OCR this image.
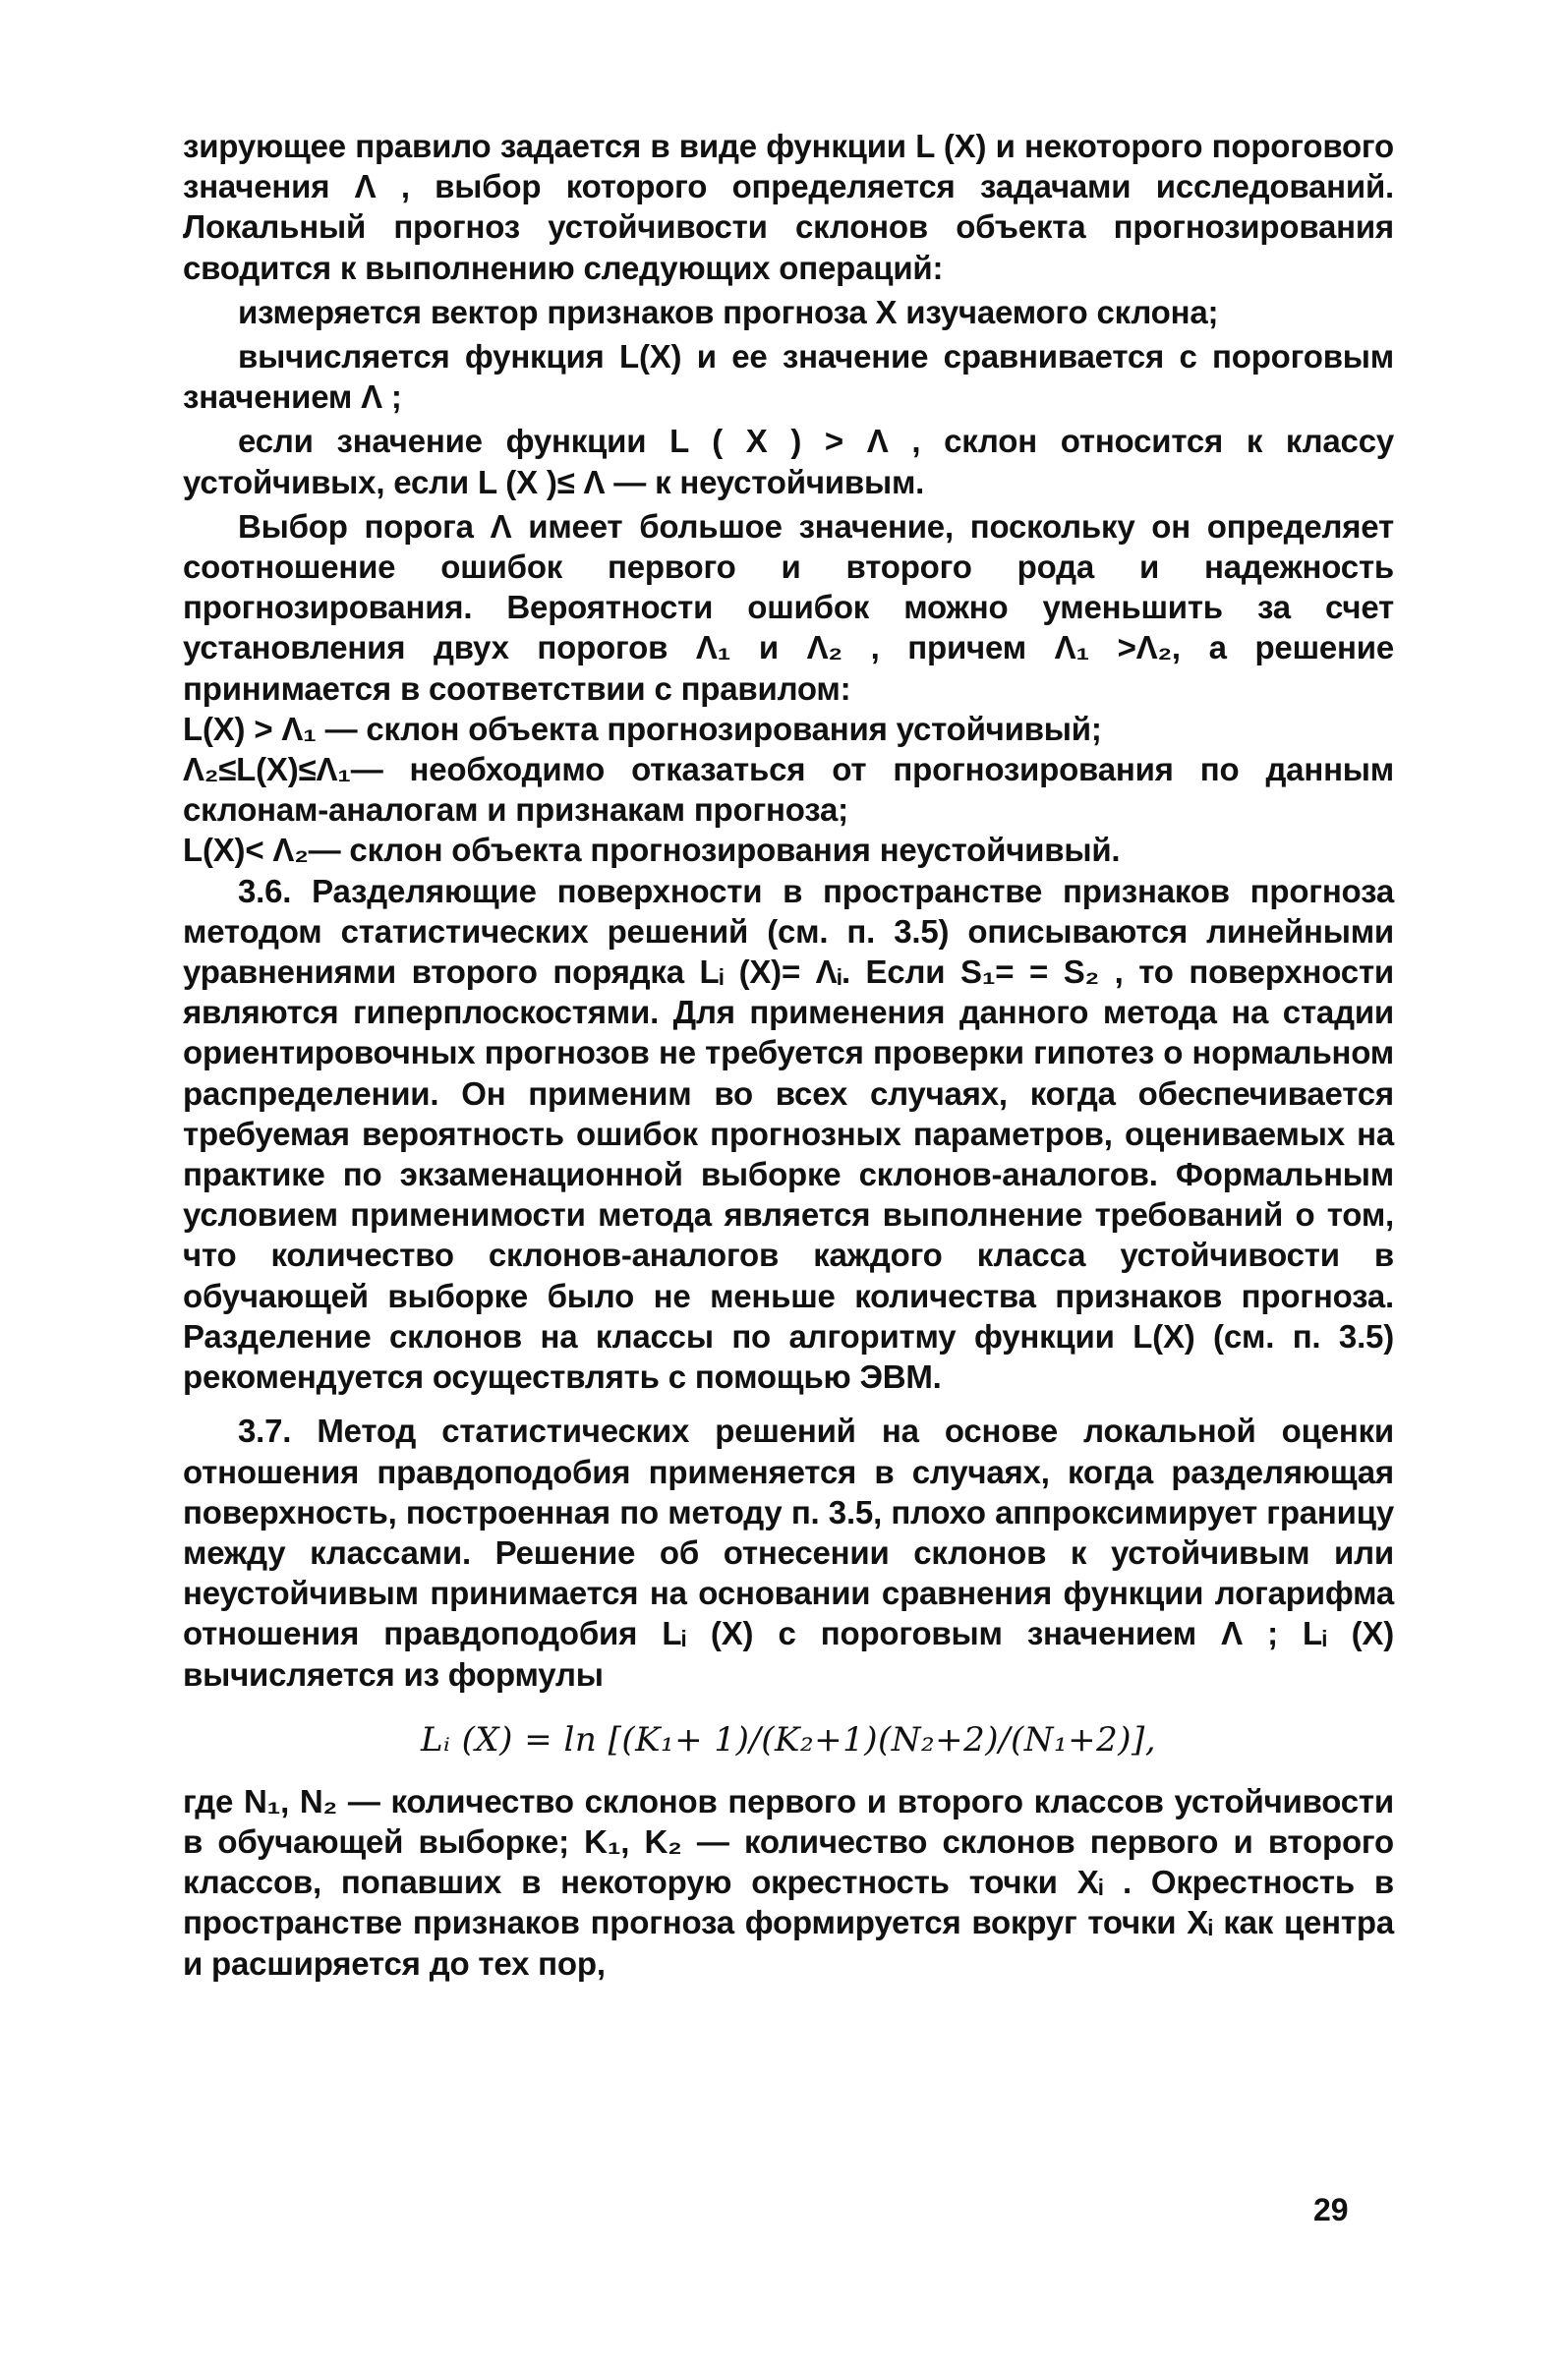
зирующее правило задается в виде функции L (X) и некоторого порогового значения Λ , выбор которого определяется задачами исследований. Локальный прогноз устойчивости склонов объекта прогнозирования сводится к выполнению следующих операций:

измеряется вектор признаков прогноза X изучаемого склона;

вычисляется функция L(X) и ее значение сравнивается с пороговым значением Λ ;

если значение функции L ( X ) > Λ , склон относится к классу устойчивых, если L (X )≤ Λ — к неустойчивым.

Выбор порога Λ имеет большое значение, поскольку он определяет соотношение ошибок первого и второго рода и надежность прогнозирования. Вероятности ошибок можно уменьшить за счет установления двух порогов Λ₁ и Λ₂ , причем Λ₁ >Λ₂, а решение принимается в соответствии с правилом:

L(X) > Λ₁ — склон объекта прогнозирования устойчивый;

Λ₂≤L(X)≤Λ₁— необходимо отказаться от прогнозирования по данным склонам-аналогам и признакам прогноза;

L(X)< Λ₂— склон объекта прогнозирования неустойчивый.

3.6. Разделяющие поверхности в пространстве признаков прогноза методом статистических решений (см. п. 3.5) описываются линейными уравнениями второго порядка Lᵢ (X)= Λᵢ. Если S₁= = S₂ , то поверхности являются гиперплоскостями. Для применения данного метода на стадии ориентировочных прогнозов не требуется проверки гипотез о нормальном распределении. Он применим во всех случаях, когда обеспечивается требуемая вероятность ошибок прогнозных параметров, оцениваемых на практике по экзаменационной выборке склонов-аналогов. Формальным условием применимости метода является выполнение требований о том, что количество склонов-аналогов каждого класса устойчивости в обучающей выборке было не меньше количества признаков прогноза. Разделение склонов на классы по алгоритму функции L(X) (см. п. 3.5) рекомендуется осуществлять с помощью ЭВМ.

3.7. Метод статистических решений на основе локальной оценки отношения правдоподобия применяется в случаях, когда разделяющая поверхность, построенная по методу п. 3.5, плохо аппроксимирует границу между классами. Решение об отнесении склонов к устойчивым или неустойчивым принимается на основании сравнения функции логарифма отношения правдоподобия Lᵢ (X) с пороговым значением Λ ; Lᵢ (X) вычисляется из формулы

Lᵢ (X) = ln [(K₁+ 1)/(K₂+1)(N₂+2)/(N₁+2)],

где N₁, N₂ — количество склонов первого и второго классов устойчивости в обучающей выборке; K₁, K₂ — количество склонов первого и второго классов, попавших в некоторую окрестность точки Xᵢ . Окрестность в пространстве признаков прогноза формируется вокруг точки Xᵢ как центра и расширяется до тех пор,

29
